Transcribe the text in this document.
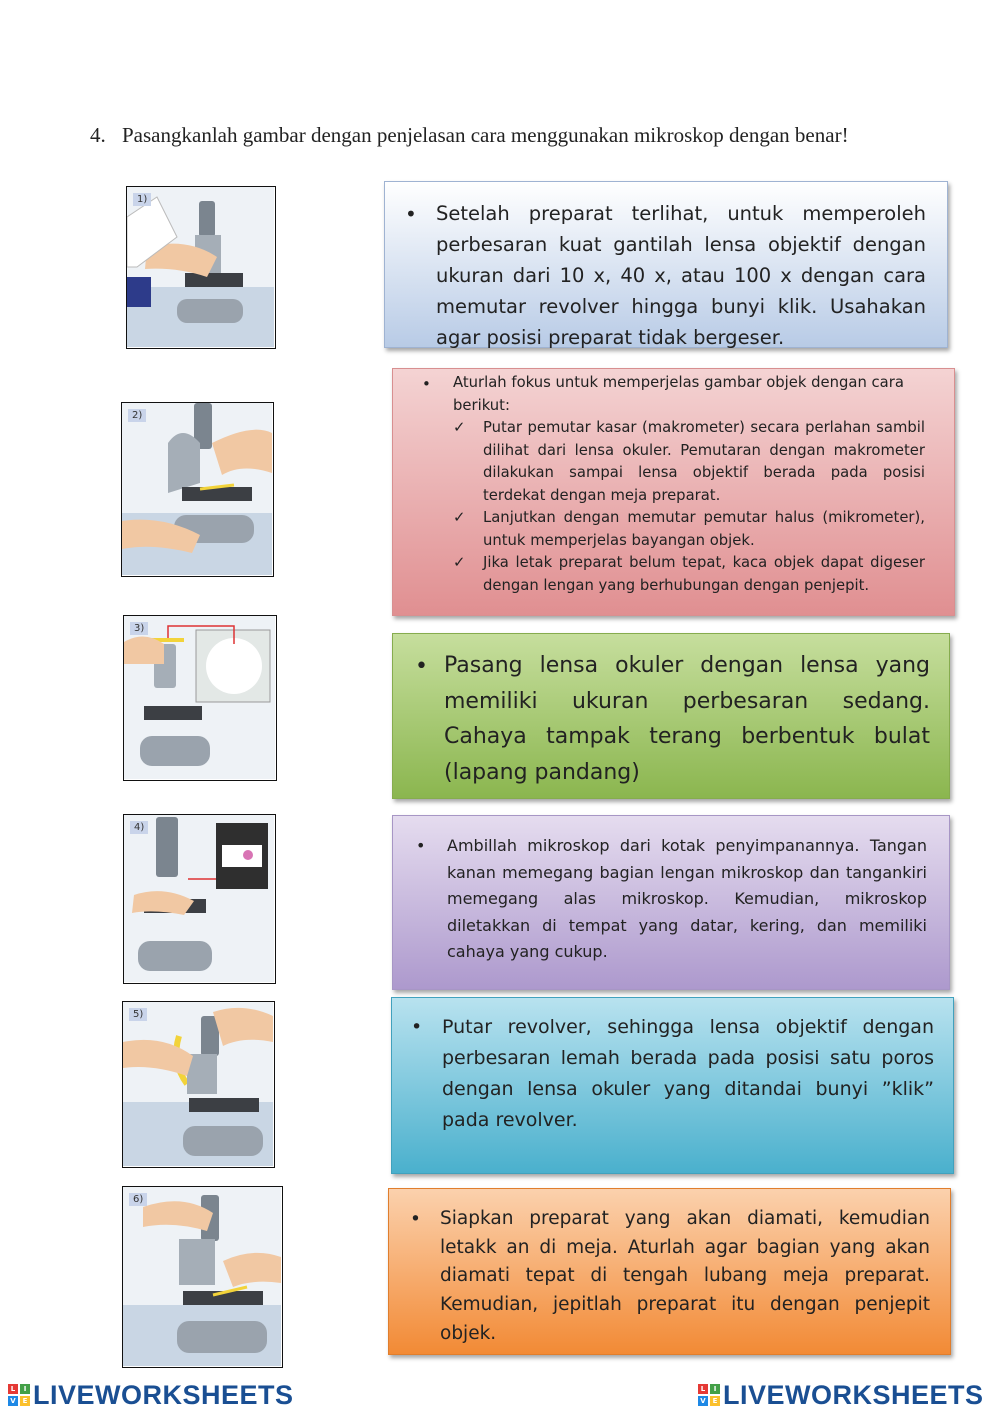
4. Pasangkanlah gambar dengan penjelasan cara menggunakan mikroskop dengan benar!
1)
2)
3)
4)
5)
6)
• Setelah preparat terlihat, untuk memperoleh perbesaran kuat gantilah lensa objektif dengan ukuran dari 10 x, 40 x, atau 100 x dengan cara memutar revolver hingga bunyi klik. Usahakan agar posisi preparat tidak bergeser.

• Aturlah fokus untuk memperjelas gambar objek dengan cara berikut:

✓ Putar pemutar kasar (makrometer) secara perlahan sambil dilihat dari lensa okuler. Pemutaran dengan makrometer dilakukan sampai lensa objektif berada pada posisi terdekat dengan meja preparat.
✓ Lanjutkan dengan memutar pemutar halus (mikrometer), untuk memperjelas bayangan objek.
✓ Jika letak preparat belum tepat, kaca objek dapat digeser dengan lengan yang berhubungan dengan penjepit.
• Pasang lensa okuler dengan lensa yang memiliki ukuran perbesaran sedang. Cahaya tampak terang berbentuk bulat (lapang pandang)

• Ambillah mikroskop dari kotak penyimpanannya. Tangan kanan memegang bagian lengan mikroskop dan tangankiri memegang alas mikroskop. Kemudian, mikroskop diletakkan di tempat yang datar, kering, dan memiliki cahaya yang cukup.

• Putar revolver, sehingga lensa objektif dengan perbesaran lemah berada pada posisi satu poros dengan lensa okuler yang ditandai bunyi ”klik” pada revolver.

• Siapkan preparat yang akan diamati, kemudian letakk an di meja. Aturlah agar bagian yang akan diamati tepat di tengah lubang meja preparat. Kemudian, jepitlah preparat itu dengan penjepit objek.

L	I
V E LIVEWORKSHEETS	L	I
V E LIVEWORKSHEETS
